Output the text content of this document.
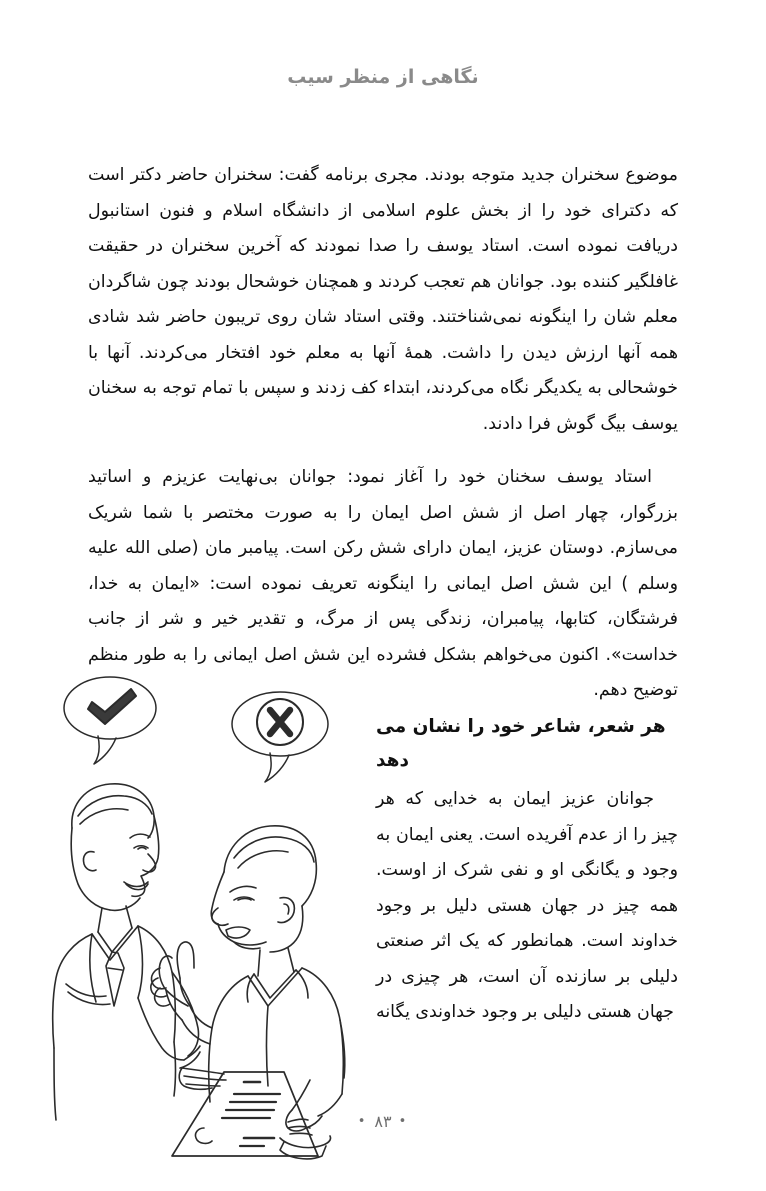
نگاهی از منظر سیب

موضوع سخنران جدید متوجه بودند. مجری برنامه گفت: سخنران حاضر دکتر است که دکترای خود را از بخش علوم اسلامی از دانشگاه اسلام و فنون استانبول دریافت نموده است. استاد یوسف را صدا نمودند که آخرین سخنران در حقیقت غافلگیر کننده بود. جوانان هم تعجب کردند و همچنان خوشحال بودند چون شاگردان معلم شان را اینگونه نمی‌شناختند. وقتی استاد شان روی تریبون حاضر شد شادی همه آنها ارزش دیدن را داشت. همهٔ آنها به معلم خود افتخار می‌کردند. آنها با خوشحالی به یکدیگر نگاه می‌کردند، ابتداء کف زدند و سپس با تمام توجه به سخنان یوسف بیگ گوش فرا دادند.

استاد یوسف سخنان خود را آغاز نمود: جوانان بی‌نهایت عزیزم و اساتید بزرگوار، چهار اصل از شش اصل ایمان را به صورت مختصر با شما شریک می‌سازم. دوستان عزیز، ایمان دارای شش رکن است. پیامبر مان (صلی الله علیه وسلم ) این شش اصل ایمانی را اینگونه تعریف نموده است: «ایمان به خدا، فرشتگان، کتابها، پیامبران، زندگی پس از مرگ، و تقدیر خیر و شر از جانب خداست». اکنون می‌خواهم بشکل فشرده این شش اصل ایمانی را به طور منظم توضیح دهم.

هر شعر، شاعر خود را نشان می دهد

جوانان عزیز ایمان به خدایی که هر چیز را از عدم آفریده است. یعنی ایمان به وجود و یگانگی او و نفی شرک از اوست. همه چیز در جهان هستی دلیل بر وجود خداوند است. همانطور که یک اثر صنعتی دلیلی بر سازنده آن است، هر چیزی در جهان هستی دلیلی بر وجود خداوندی یگانه

•۸۳•
